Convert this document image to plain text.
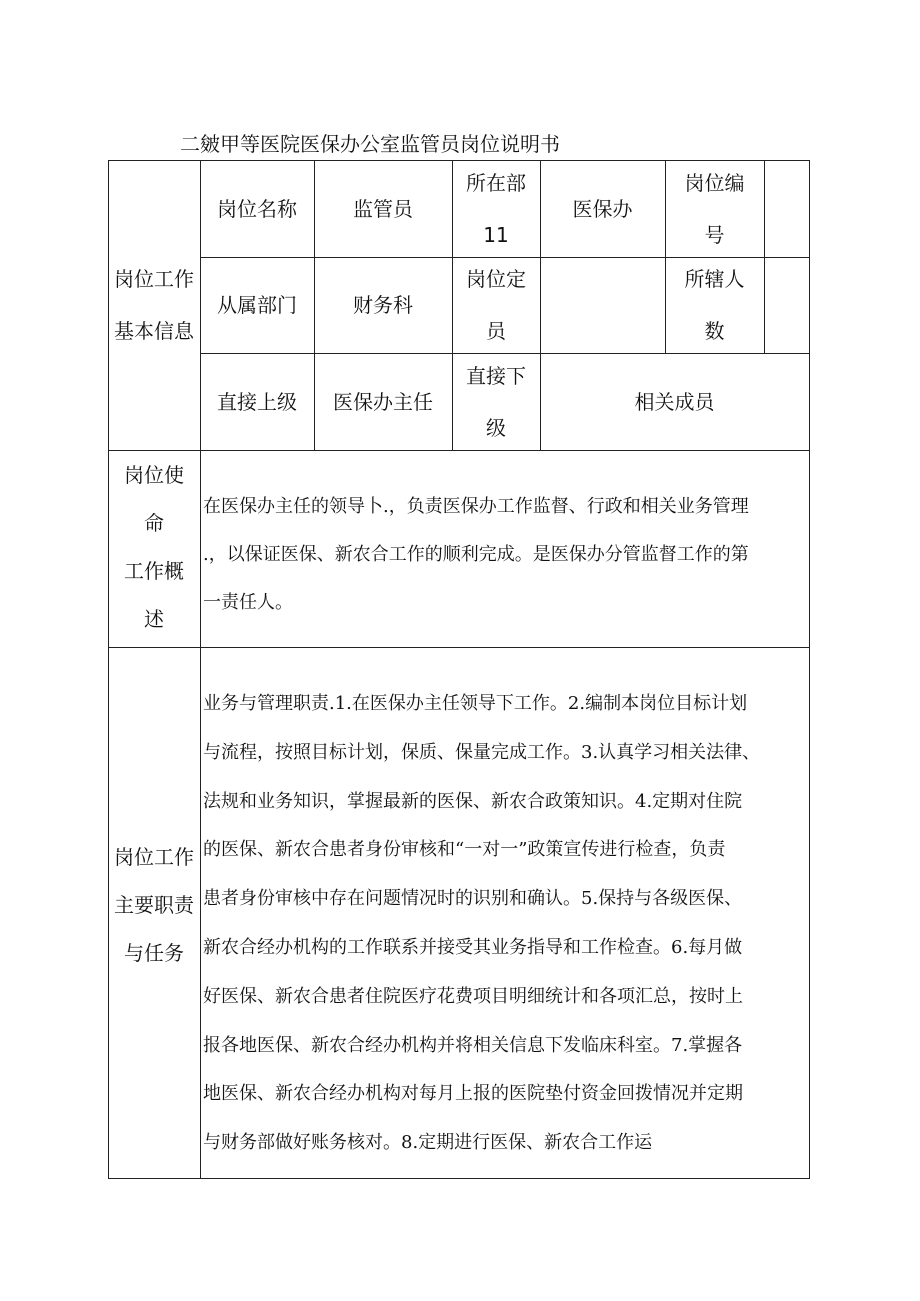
二皴甲等医院医保办公室监管员岗位说明书
岗位工作
基本信息
岗位名称	监管员
所在部
11
医保办
岗位编
号
从属部门	财务科
岗位定
员
所辖人
数
直接上级 医保办主任
直接下
级
相关成员
岗位使
命
工作概
述
在医保办主任的领导卜.，负责医保办工作监督、行政和相关业务管理
.，以保证医保、新农合工作的顺利完成。是医保办分管监督工作的第
一责任人。
岗位工作
主要职责
与任务
业务与管理职责.1.在医保办主任领导下工作。2.编制本岗位目标计划
与流程，按照目标计划，保质、保量完成工作。3.认真学习相关法律、
法规和业务知识，掌握最新的医保、新农合政策知识。4.定期对住院
的医保、新农合患者身份审核和“一对一”政策宣传进行检查，负责
患者身份审核中存在问题情况时的识别和确认。5.保持与各级医保、
新农合经办机构的工作联系并接受其业务指导和工作检查。6.每月做
好医保、新农合患者住院医疗花费项目明细统计和各项汇总，按时上
报各地医保、新农合经办机构并将相关信息下发临床科室。7.掌握各
地医保、新农合经办机构对每月上报的医院垫付资金回拨情况并定期
与财务部做好账务核对。8.定期进行医保、新农合工作运
